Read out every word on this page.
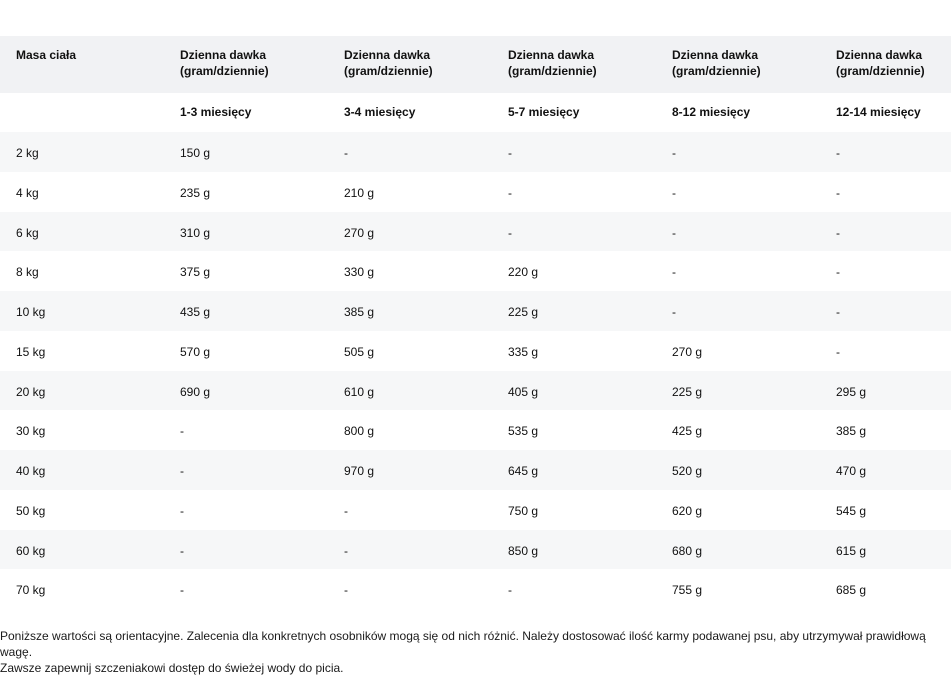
Masa ciała	Dzienna dawka (gram/dziennie)	Dzienna dawka (gram/dziennie)	Dzienna dawka (gram/dziennie)	Dzienna dawka (gram/dziennie)	Dzienna dawka (gram/dziennie)

	1-3 miesięcy	3-4 miesięcy	5-7 miesięcy	8-12 miesięcy	12-14 miesięcy
2 kg	150 g	-	-	-	-
4 kg	235 g	210 g	-	-	-
6 kg	310 g	270 g	-	-	-
8 kg	375 g	330 g	220 g	-	-
10 kg	435 g	385 g	225 g	-	-
15 kg	570 g	505 g	335 g	270 g	-
20 kg	690 g	610 g	405 g	225 g	295 g
30 kg	-	800 g	535 g	425 g	385 g
40 kg	-	970 g	645 g	520 g	470 g
50 kg	-	-	750 g	620 g	545 g
60 kg	-	-	850 g	680 g	615 g
70 kg	-	-	-	755 g	685 g

Poniższe wartości są orientacyjne. Zalecenia dla konkretnych osobników mogą się od nich różnić. Należy dostosować ilość karmy podawanej psu, aby utrzymywał prawidłową wagę.

Zawsze zapewnij szczeniakowi dostęp do świeżej wody do picia.
